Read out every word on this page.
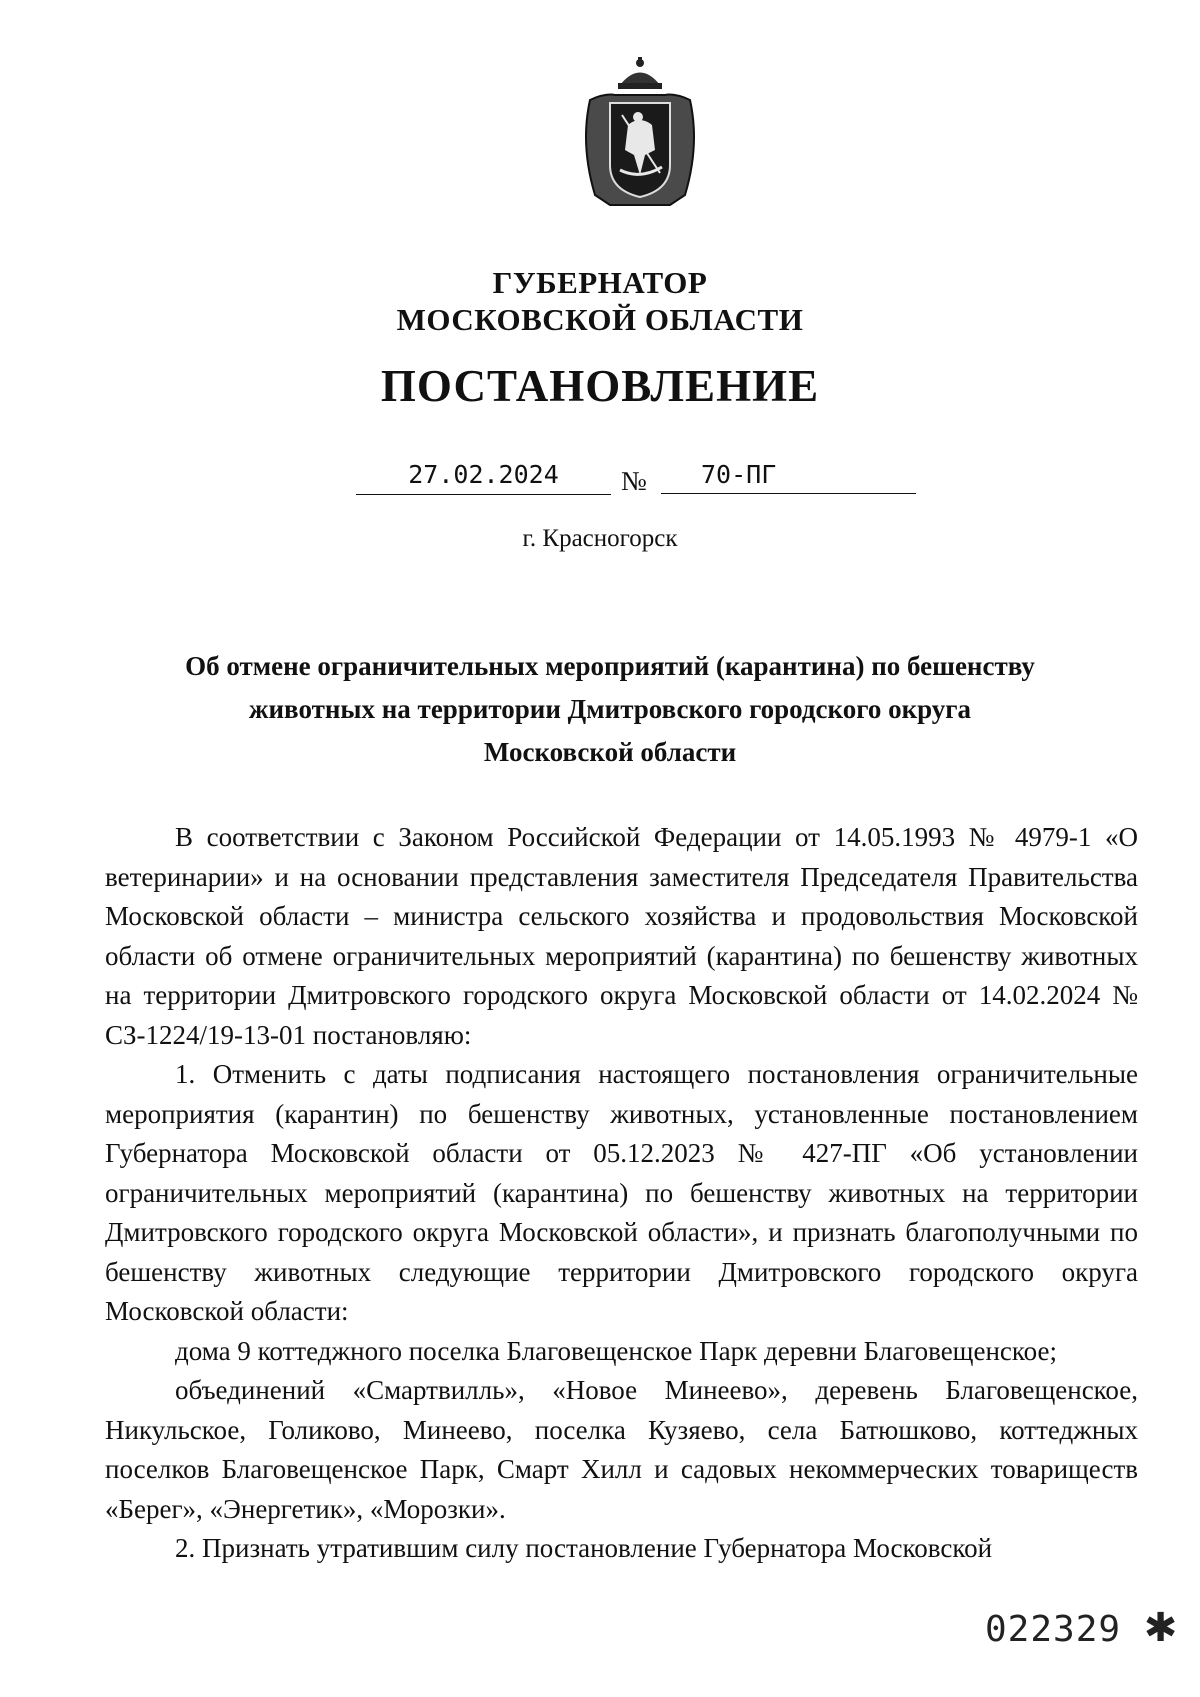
ГУБЕРНАТОР
МОСКОВСКОЙ ОБЛАСТИ
ПОСТАНОВЛЕНИЕ
27.02.2024	№	70-ПГ
г. Красногорск
Об отмене ограничительных мероприятий (карантина) по бешенству
животных на территории Дмитровского городского округа
Московской области

В соответствии с Законом Российской Федерации от 14.05.1993 № 4979-1 «О ветеринарии» и на основании представления заместителя Председателя Правительства Московской области – министра сельского хозяйства и продовольствия Московской области об отмене ограничительных мероприятий (карантина) по бешенству животных на территории Дмитровского городского округа Московской области от 14.02.2024 № СЗ-1224/19-13-01 постановляю:

1. Отменить с даты подписания настоящего постановления ограничительные мероприятия (карантин) по бешенству животных, установленные постановлением Губернатора Московской области от 05.12.2023 № 427-ПГ «Об установлении ограничительных мероприятий (карантина) по бешенству животных на территории Дмитровского городского округа Московской области», и признать благополучными по бешенству животных следующие территории Дмитровского городского округа Московской области:

дома 9 коттеджного поселка Благовещенское Парк деревни Благовещенское;

объединений «Смартвилль», «Новое Минеево», деревень Благовещенское, Никульское, Голиково, Минеево, поселка Кузяево, села Батюшково, коттеджных поселков Благовещенское Парк, Смарт Хилл и садовых некоммерческих товариществ «Берег», «Энергетик», «Морозки».

2. Признать утратившим силу постановление Губернатора Московской

022329 ✱
